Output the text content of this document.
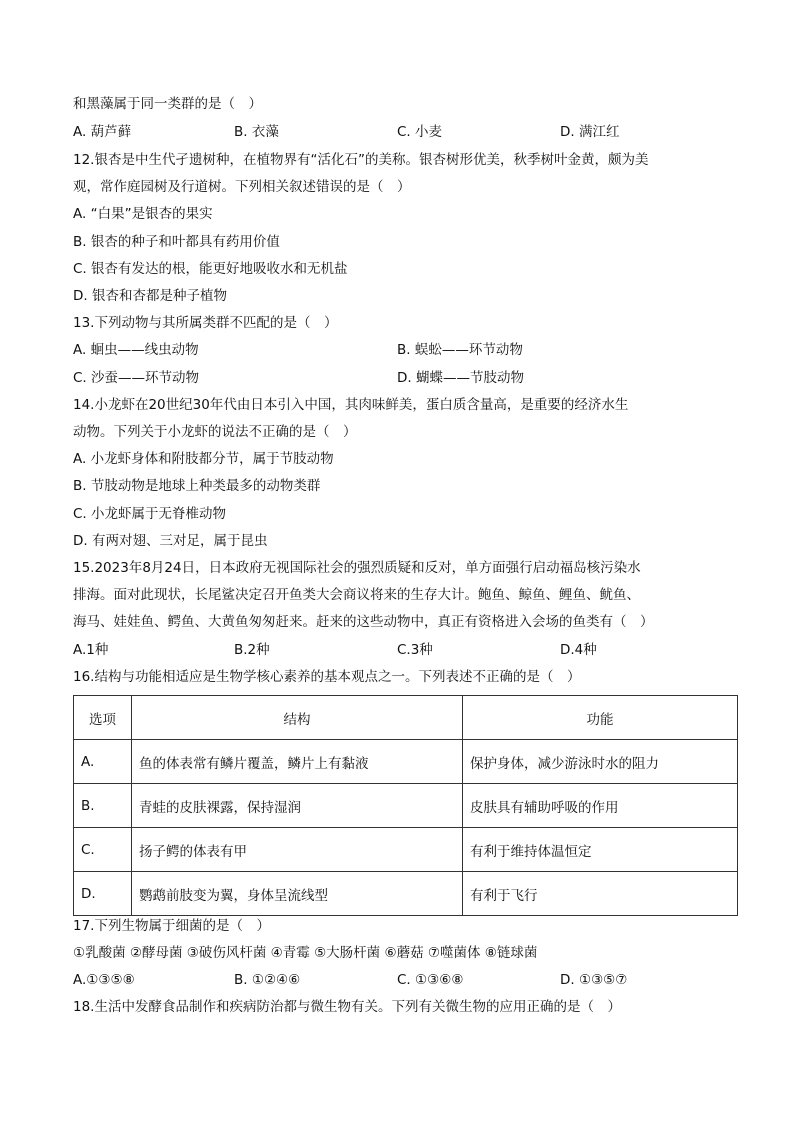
和黑藻属于同一类群的是（　）
A. 葫芦藓	B. 衣藻	C. 小麦	D. 满江红
12.银杏是中生代孑遗树种，在植物界有“活化石”的美称。银杏树形优美，秋季树叶金黄，颇为美
观，常作庭园树及行道树。下列相关叙述错误的是（　）
A. “白果”是银杏的果实
B. 银杏的种子和叶都具有药用价值
C. 银杏有发达的根，能更好地吸收水和无机盐
D. 银杏和杏都是种子植物
13.下列动物与其所属类群不匹配的是（　）
A. 蛔虫——线虫动物	B. 蜈蚣——环节动物
C. 沙蚕——环节动物	D. 蝴蝶——节肢动物
14.小龙虾在20世纪30年代由日本引入中国，其肉味鲜美，蛋白质含量高，是重要的经济水生
动物。下列关于小龙虾的说法不正确的是（　）
A. 小龙虾身体和附肢都分节，属于节肢动物
B. 节肢动物是地球上种类最多的动物类群
C. 小龙虾属于无脊椎动物
D. 有两对翅、三对足，属于昆虫
15.2023年8月24日，日本政府无视国际社会的强烈质疑和反对，单方面强行启动福岛核污染水
排海。面对此现状，长尾鲨决定召开鱼类大会商议将来的生存大计。鲍鱼、鲸鱼、鲤鱼、鱿鱼、
海马、娃娃鱼、鳄鱼、大黄鱼匆匆赶来。赶来的这些动物中，真正有资格进入会场的鱼类有（　）
A.1种	B.2种	C.3种	D.4种
16.结构与功能相适应是生物学核心素养的基本观点之一。下列表述不正确的是（　）
选项	结构	功能
A.	鱼的体表常有鳞片覆盖，鳞片上有黏液	保护身体，减少游泳时水的阻力
B.	青蛙的皮肤裸露，保持湿润	皮肤具有辅助呼吸的作用
C.	扬子鳄的体表有甲	有利于维持体温恒定
D.	鹦鹉前肢变为翼，身体呈流线型	有利于飞行
17.下列生物属于细菌的是（　）
①乳酸菌 ②酵母菌 ③破伤风杆菌 ④青霉 ⑤大肠杆菌 ⑥蘑菇 ⑦噬菌体 ⑧链球菌
A.①③⑤⑧	B. ①②④⑥	C. ①③⑥⑧	D. ①③⑤⑦
18.生活中发酵食品制作和疾病防治都与微生物有关。下列有关微生物的应用正确的是（　）
